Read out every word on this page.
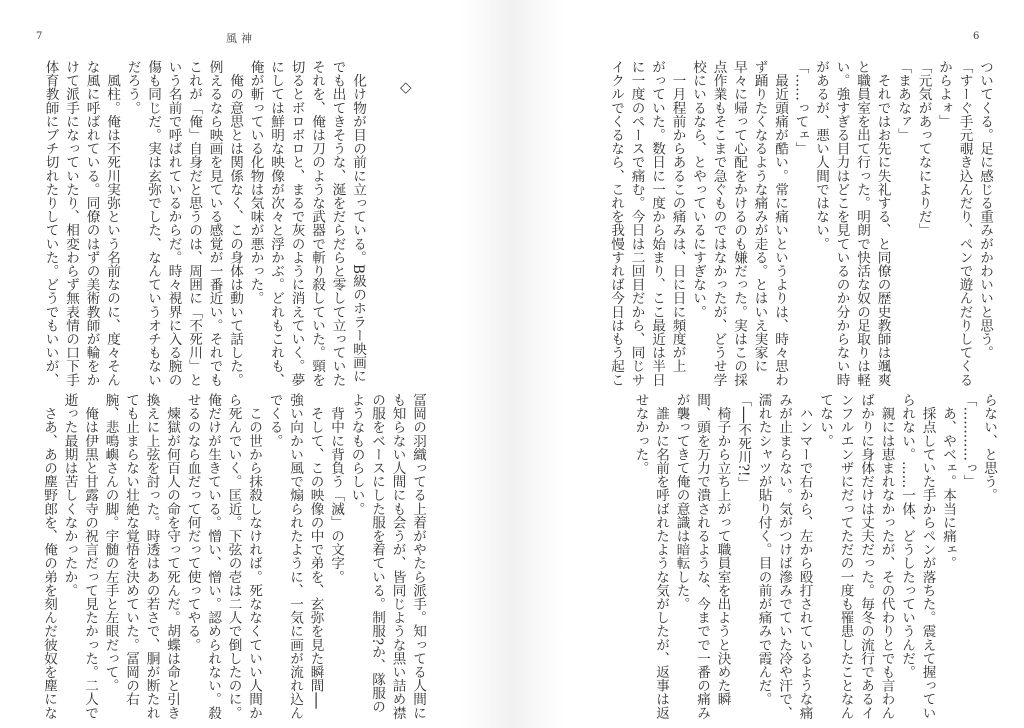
7	風神
◇
　化け物が目の前に立っている。B級のホラー映画に
でも出てきそうな、涎をだらだらと零して立っていた
それを、俺は刀のような武器で斬り殺していた。頸を
切るとボロボロと、まるで灰のように消えていく。夢
にしては鮮明な映像が次々と浮かぶ。どれもこれも、
俺が斬っている化物は気味が悪かった。
　俺の意思とは関係なく、この身体は動いて話した。
例えるなら映画を見ている感覚が一番近い。それでも
これが「俺」自身だと思うのは、周囲に「不死川」と
いう名前で呼ばれているからだ。時々視界に入る腕の
傷も同じだ。実は玄弥でした、なんていうオチもない
だろう。
　風柱。俺は不死川実弥という名前なのに、度々そん
な風に呼ばれている。同僚のはずの美術教師が輪をか
けて派手になっていたり、相変わらず無表情の口下手
体育教師にブチ切れたりしていた。どうでもいいが、
冨岡の羽織ってる上着がやたら派手。知ってる人間に
も知らない人間にも会うが、皆同じような黒い詰め襟
の服をベースにした服を着ている。制服?か、隊服の
ようなものらしい。
　背中に背負う「滅」の文字。
　そして、この映像の中で弟を、玄弥を見た瞬間──
強い向かい風で煽られたように、一気に画が流れ込ん
でくる。
　この世から抹殺しなければ。死ななくていい人間か
ら死んでいく。匡近。下弦の壱は二人で倒したのに。
俺だけが生きている。憎い、憎い。認められない。殺
せるのなら血だって何だって使ってやる。
　煉獄が何百人の命を守って死んだ。胡蝶は命と引き
換えに上弦を討った。時透はあの若さで、胴が断たれ
ても止まらない壮絶な覚悟を決めていた。冨岡の右
腕、悲鳴嶼さんの脚。宇髄の左手と左眼だって。
　俺は伊黒と甘露寺の祝言だって見たかった。二人で
逝った最期は苦しくなかったか。
　さあ、あの塵野郎を、俺の弟を刻んだ彼奴を塵にな
6
ついてくる。足に感じる重みがかわいいと思う。
「すーぐ手元覗き込んだり、ペンで遊んだりしてくる
からよォ」
「元気があってなによりだ」
「まあなァ」
　それではお先に失礼する、と同僚の歴史教師は颯爽
と職員室を出て行った。明朗で快活な奴の足取りは軽
い。強すぎる目力はどこを見ているのか分からない時
があるが、悪い人間ではない。
「……ってェ」
　最近頭痛が酷い。常に痛いというよりは、時々思わ
ず踊りたくなるような痛みが走る。とはいえ実家に
早々に帰って心配をかけるのも嫌だった。実はこの採
点作業もそこまで急ぐものではなかったが、どうせ学
校にいるなら、とやっているにすぎない。
　一月程前からあるこの痛みは、日に日に頻度が上
がっていた。数日に一度から始まり、ここ最近は半日
に一度のペースで痛む。今日は二回目だから、同じサ
イクルでくるなら、これを我慢すれば今日はもう起こ
らない、と思う。
「…………っ」
　あ、やべェ。本当に痛ェ。
　採点していた手からペンが落ちた。震えて握ってい
られない。……一体、どうしたっていうんだ。
　親には恵まれなかったが、その代わりとでも言わん
ばかりに身体だけは丈夫だった。毎冬の流行であるイ
ンフルエンザにだってただの一度も罹患したことなん
てない。
　ハンマーで右から、左から殴打されているような痛
みが止まらない。気がつけば滲みでていた冷や汗で、
濡れたシャツが貼り付く。目の前が痛みで霞んだ。
「──不死川?!」
　椅子から立ち上がって職員室を出ようと決めた瞬
間、頭を万力で潰されるような、今までで一番の痛み
が襲ってきて俺の意識は暗転した。
　誰かに名前を呼ばれたような気がしたが、返事は返
せなかった。
